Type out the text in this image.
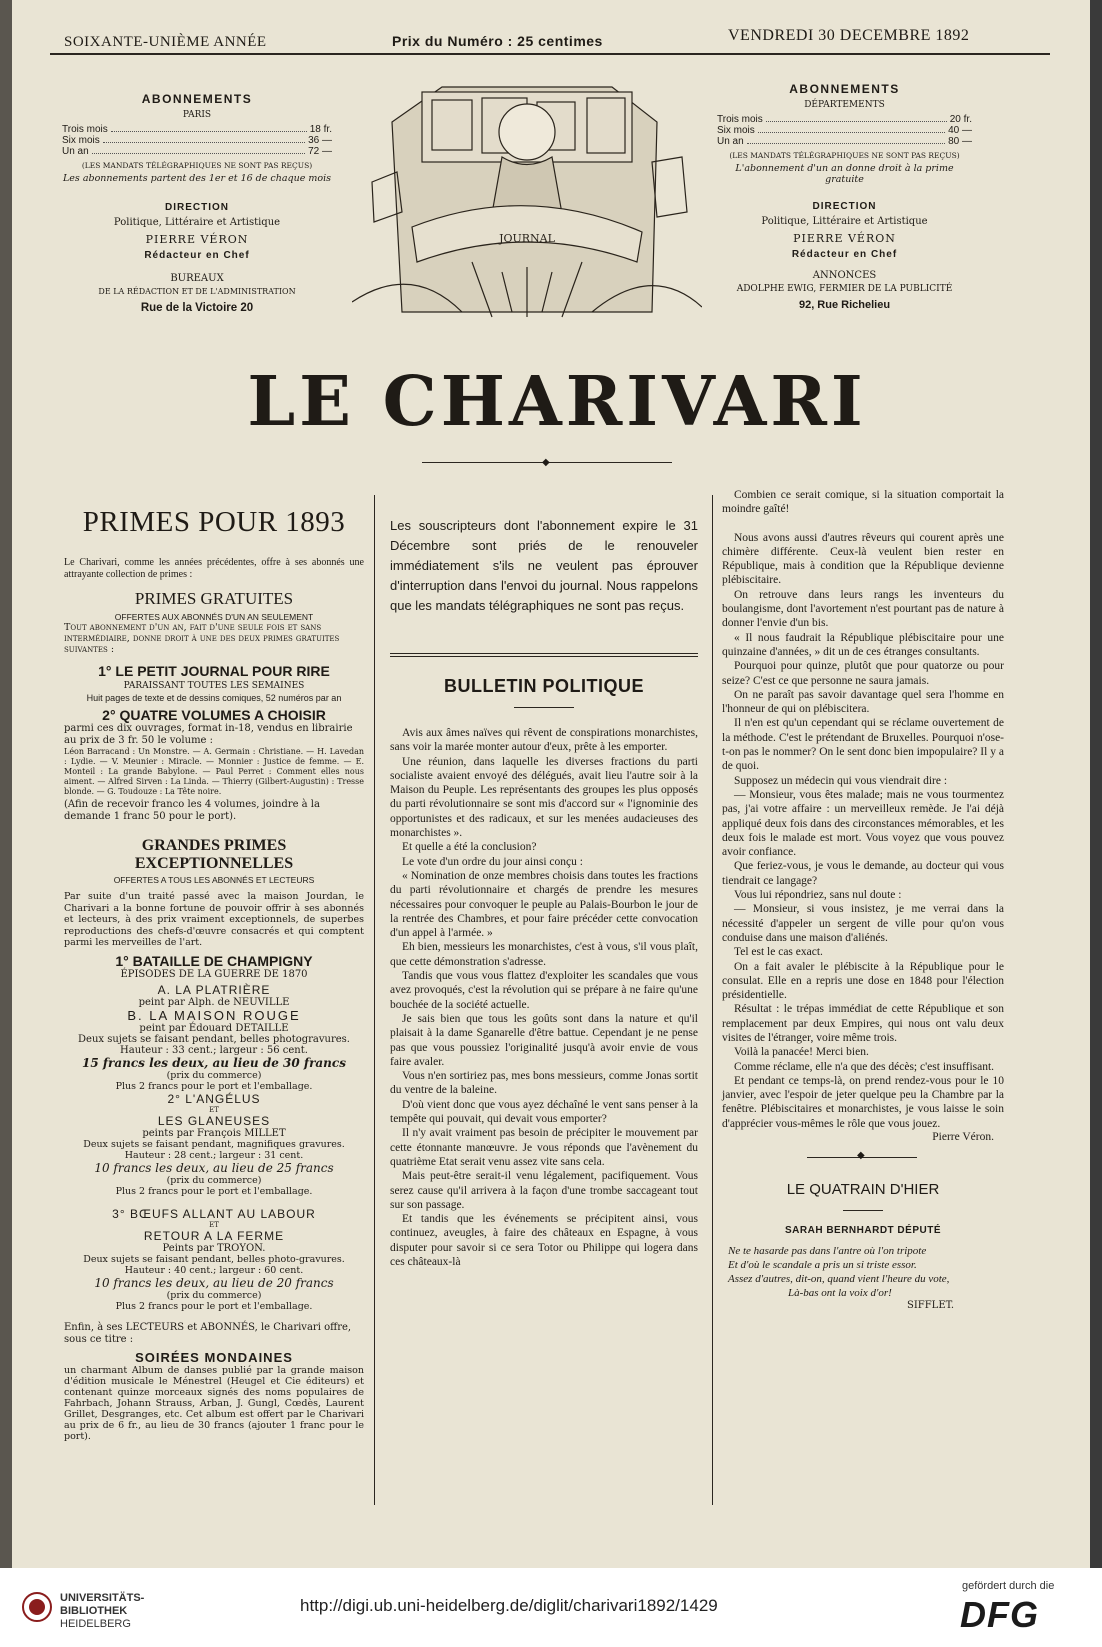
SOIXANTE-UNIÈME ANNÉE	Prix du Numéro : 25 centimes	VENDREDI 30 DECEMBRE 1892
ABONNEMENTS
PARIS
Trois mois	18 fr.
Six mois	36 —
Un an	72 —
(LES MANDATS TÉLÉGRAPHIQUES NE SONT PAS REÇUS)
Les abonnements partent des 1er et 16 de chaque mois
DIRECTION
Politique, Littéraire et Artistique
PIERRE VÉRON
Rédacteur en Chef
BUREAUX
DE LA RÉDACTION ET DE L'ADMINISTRATION
Rue de la Victoire 20
JOURNAL
ABONNEMENTS
DÉPARTEMENTS
Trois mois	20 fr.
Six mois	40 —
Un an	80 —
(LES MANDATS TÉLÉGRAPHIQUES NE SONT PAS REÇUS)
L'abonnement d'un an donne droit à la prime gratuite
DIRECTION
Politique, Littéraire et Artistique
PIERRE VÉRON
Rédacteur en Chef
ANNONCES
ADOLPHE EWIG, FERMIER DE LA PUBLICITÉ
92, Rue Richelieu
LE CHARIVARI
◆
PRIMES POUR 1893
Le Charivari, comme les années précédentes, offre à ses abonnés une attrayante collection de primes :
PRIMES GRATUITES
OFFERTES AUX ABONNÉS D'UN AN SEULEMENT
Tout abonnement d'un an, fait d'une seule fois et sans intermédiaire, donne droit à une des deux primes gratuites suivantes :
1° LE PETIT JOURNAL POUR RIRE
PARAISSANT TOUTES LES SEMAINES
Huit pages de texte et de dessins comiques, 52 numéros par an
2° QUATRE VOLUMES A CHOISIR
parmi ces dix ouvrages, format in-18, vendus en librairie au prix de 3 fr. 50 le volume :
Léon Barracand : Un Monstre. — A. Germain : Christiane. — H. Lavedan : Lydie. — V. Meunier : Miracle. — Monnier : Justice de femme. — E. Monteil : La grande Babylone. — Paul Perret : Comment elles nous aiment. — Alfred Sirven : La Linda. — Thierry (Gilbert-Augustin) : Tresse blonde. — G. Toudouze : La Tête noire.
(Afin de recevoir franco les 4 volumes, joindre à la demande 1 franc 50 pour le port).
GRANDES PRIMES EXCEPTIONNELLES
OFFERTES A TOUS LES ABONNÉS ET LECTEURS
Par suite d'un traité passé avec la maison Jourdan, le Charivari a la bonne fortune de pouvoir offrir à ses abonnés et lecteurs, à des prix vraiment exceptionnels, de superbes reproductions des chefs-d'œuvre consacrés et qui comptent parmi les merveilles de l'art.
1° BATAILLE DE CHAMPIGNY
ÉPISODES DE LA GUERRE DE 1870
A. LA PLATRIÈRE
peint par Alph. de NEUVILLE
B. LA MAISON ROUGE
peint par Édouard DETAILLE
Deux sujets se faisant pendant, belles photogravures. Hauteur : 33 cent.; largeur : 56 cent.
15 francs les deux, au lieu de 30 francs
(prix du commerce)
Plus 2 francs pour le port et l'emballage.
2° L'ANGÉLUS
ET
LES GLANEUSES
peints par François MILLET
Deux sujets se faisant pendant, magnifiques gravures. Hauteur : 28 cent.; largeur : 31 cent.
10 francs les deux, au lieu de 25 francs
(prix du commerce)
Plus 2 francs pour le port et l'emballage.
3° BŒUFS ALLANT AU LABOUR
ET
RETOUR A LA FERME
Peints par TROYON.
Deux sujets se faisant pendant, belles photo-gravures. Hauteur : 40 cent.; largeur : 60 cent.
10 francs les deux, au lieu de 20 francs
(prix du commerce)
Plus 2 francs pour le port et l'emballage.
Enfin, à ses LECTEURS et ABONNÉS, le Charivari offre, sous ce titre :
SOIRÉES MONDAINES
un charmant Album de danses publié par la grande maison d'édition musicale le Ménestrel (Heugel et Cie éditeurs) et contenant quinze morceaux signés des noms populaires de Fahrbach, Johann Strauss, Arban, J. Gungl, Cœdès, Laurent Grillet, Desgranges, etc. Cet album est offert par le Charivari au prix de 6 fr., au lieu de 30 francs (ajouter 1 franc pour le port).
Les souscripteurs dont l'abonnement expire le 31 Décembre sont priés de le renouveler immédiatement s'ils ne veulent pas éprouver d'interruption dans l'envoi du journal. Nous rappelons que les mandats télégraphiques ne sont pas reçus.
BULLETIN POLITIQUE

Avis aux âmes naïves qui rêvent de conspirations monarchistes, sans voir la marée monter autour d'eux, prête à les emporter.

Une réunion, dans laquelle les diverses fractions du parti socialiste avaient envoyé des délégués, avait lieu l'autre soir à la Maison du Peuple. Les représentants des groupes les plus opposés du parti révolutionnaire se sont mis d'accord sur « l'ignominie des opportunistes et des radicaux, et sur les menées audacieuses des monarchistes ».

Et quelle a été la conclusion?

Le vote d'un ordre du jour ainsi conçu :

« Nomination de onze membres choisis dans toutes les fractions du parti révolutionnaire et chargés de prendre les mesures nécessaires pour convoquer le peuple au Palais-Bourbon le jour de la rentrée des Chambres, et pour faire précéder cette convocation d'un appel à l'armée. »

Eh bien, messieurs les monarchistes, c'est à vous, s'il vous plaît, que cette démonstration s'adresse.

Tandis que vous vous flattez d'exploiter les scandales que vous avez provoqués, c'est la révolution qui se prépare à ne faire qu'une bouchée de la société actuelle.

Je sais bien que tous les goûts sont dans la nature et qu'il plaisait à la dame Sganarelle d'être battue. Cependant je ne pense pas que vous poussiez l'originalité jusqu'à avoir envie de vous faire avaler.

Vous n'en sortiriez pas, mes bons messieurs, comme Jonas sortit du ventre de la baleine.

D'où vient donc que vous ayez déchaîné le vent sans penser à la tempête qui pouvait, qui devait vous emporter?

Il n'y avait vraiment pas besoin de précipiter le mouvement par cette étonnante manœuvre. Je vous réponds que l'avènement du quatrième Etat serait venu assez vite sans cela.

Mais peut-être serait-il venu légalement, pacifiquement. Vous serez cause qu'il arrivera à la façon d'une trombe saccageant tout sur son passage.

Et tandis que les événements se précipitent ainsi, vous continuez, aveugles, à faire des châteaux en Espagne, à vous disputer pour savoir si ce sera Totor ou Philippe qui logera dans ces châteaux-là

Combien ce serait comique, si la situation comportait la moindre gaîté!

Nous avons aussi d'autres rêveurs qui courent après une chimère différente. Ceux-là veulent bien rester en République, mais à condition que la République devienne plébiscitaire.

On retrouve dans leurs rangs les inventeurs du boulangisme, dont l'avortement n'est pourtant pas de nature à donner l'envie d'un bis.

« Il nous faudrait la République plébiscitaire pour une quinzaine d'années, » dit un de ces étranges consultants.

Pourquoi pour quinze, plutôt que pour quatorze ou pour seize? C'est ce que personne ne saura jamais.

On ne paraît pas savoir davantage quel sera l'homme en l'honneur de qui on plébiscitera.

Il n'en est qu'un cependant qui se réclame ouvertement de la méthode. C'est le prétendant de Bruxelles. Pourquoi n'ose-t-on pas le nommer? On le sent donc bien impopulaire? Il y a de quoi.

Supposez un médecin qui vous viendrait dire :

— Monsieur, vous êtes malade; mais ne vous tourmentez pas, j'ai votre affaire : un merveilleux remède. Je l'ai déjà appliqué deux fois dans des circonstances mémorables, et les deux fois le malade est mort. Vous voyez que vous pouvez avoir confiance.

Que feriez-vous, je vous le demande, au docteur qui vous tiendrait ce langage?

Vous lui répondriez, sans nul doute :

— Monsieur, si vous insistez, je me verrai dans la nécessité d'appeler un sergent de ville pour qu'on vous conduise dans une maison d'aliénés.

Tel est le cas exact.

On a fait avaler le plébiscite à la République pour le consulat. Elle en a repris une dose en 1848 pour l'élection présidentielle.

Résultat : le trépas immédiat de cette République et son remplacement par deux Empires, qui nous ont valu deux visites de l'étranger, voire même trois.

Voilà la panacée! Merci bien.

Comme réclame, elle n'a que des décès; c'est insuffisant.

Et pendant ce temps-là, on prend rendez-vous pour le 10 janvier, avec l'espoir de jeter quelque peu la Chambre par la fenêtre. Plébiscitaires et monarchistes, je vous laisse le soin d'apprécier vous-mêmes le rôle que vous jouez.

Pierre Véron.
◆
LE QUATRAIN D'HIER
SARAH BERNHARDT DÉPUTÉ
Ne te hasarde pas dans l'antre où l'on tripote
Et d'où le scandale a pris un si triste essor.
Assez d'autres, dit-on, quand vient l'heure du vote,
Là-bas ont la voix d'or!
SIFFLET.
UNIVERSITÄTS-
BIBLIOTHEK
HEIDELBERG
http://digi.ub.uni-heidelberg.de/diglit/charivari1892/1429
gefördert durch die
DFG
